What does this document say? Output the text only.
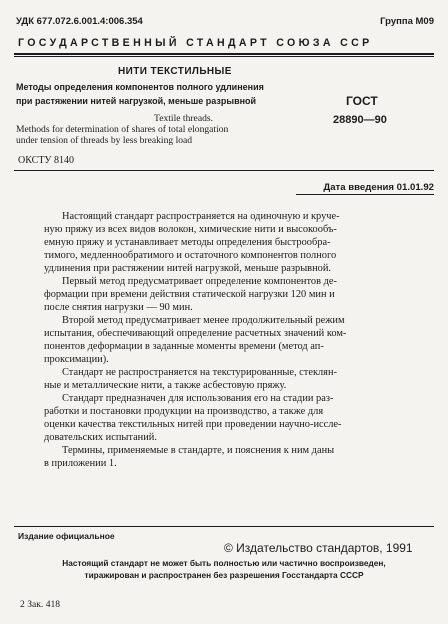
УДК 677.072.6.001.4:006.354	Группа М09
ГОСУДАРСТВЕННЫЙ СТАНДАРТ СОЮЗА ССР
НИТИ ТЕКСТИЛЬНЫЕ
Методы определения компонентов полного удлинения
при растяжении нитей нагрузкой, меньше разрывной
Textile threads.
Methods for determination of shares of total elongation
under tension of threads by less breaking load
ГОСТ
28890—90
ОКСТУ 8140
Дата введения 01.01.92
Настоящий стандарт распространяется на одиночную и круче-
ную пряжу из всех видов волокон, химические нити и высокообъ-
емную пряжу и устанавливает методы определения быстрообра-
тимого, медленнообратимого и остаточного компонентов полного
удлинения при растяжении нитей нагрузкой, меньше разрывной.
Первый метод предусматривает определение компонентов де-
формации при времени действия статической нагрузки 120 мин и
после снятия нагрузки — 90 мин.
Второй метод предусматривает менее продолжительный режим
испытания, обеспечивающий определение расчетных значений ком-
понентов деформации в заданные моменты времени (метод ап-
проксимации).
Стандарт не распространяется на текстурированные, стеклян-
ные и металлические нити, а также асбестовую пряжу.
Стандарт предназначен для использования его на стадии раз-
работки и постановки продукции на производство, а также для
оценки качества текстильных нитей при проведении научно-иссле-
довательских испытаний.
Термины, применяемые в стандарте, и пояснения к ним даны
в приложении 1.
Издание официальное
© Издательство стандартов, 1991
Настоящий стандарт не может быть полностью или частично воспроизведен,
тиражирован и распространен без разрешения Госстандарта СССР
2 Зак. 418
